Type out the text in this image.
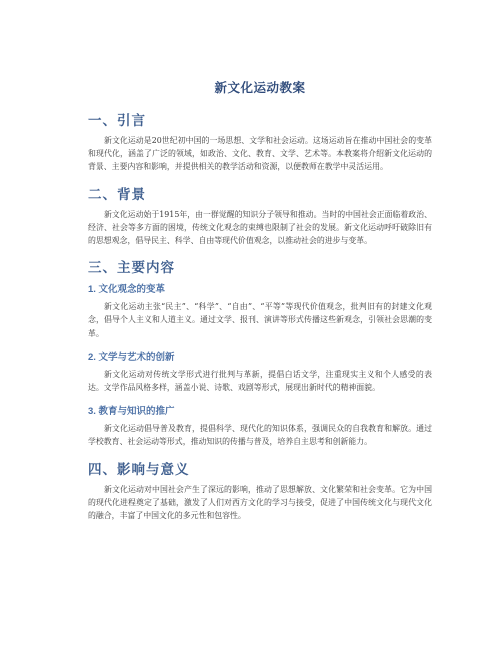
新文化运动教案
一、引言

新文化运动是20世纪初中国的一场思想、文学和社会运动。这场运动旨在推动中国社会的变革和现代化，涵盖了广泛的领域，如政治、文化、教育、文学、艺术等。本教案将介绍新文化运动的背景、主要内容和影响，并提供相关的教学活动和资源，以便教师在教学中灵活运用。

二、背景

新文化运动始于1915年，由一群觉醒的知识分子领导和推动。当时的中国社会正面临着政治、经济、社会等多方面的困境，传统文化观念的束缚也限制了社会的发展。新文化运动呼吁破除旧有的思想观念，倡导民主、科学、自由等现代价值观念，以推动社会的进步与变革。

三、主要内容
1. 文化观念的变革

新文化运动主张“民主”、“科学”、“自由”、“平等”等现代价值观念，批判旧有的封建文化观念，倡导个人主义和人道主义。通过文学、报刊、演讲等形式传播这些新观念，引领社会思潮的变革。

2. 文学与艺术的创新

新文化运动对传统文学形式进行批判与革新，提倡白话文学，注重现实主义和个人感受的表达。文学作品风格多样，涵盖小说、诗歌、戏剧等形式，展现出新时代的精神面貌。

3. 教育与知识的推广

新文化运动倡导普及教育，提倡科学、现代化的知识体系，强调民众的自我教育和解放。通过学校教育、社会运动等形式，推动知识的传播与普及，培养自主思考和创新能力。

四、影响与意义

新文化运动对中国社会产生了深远的影响，推动了思想解放、文化繁荣和社会变革。它为中国的现代化进程奠定了基础，激发了人们对西方文化的学习与接受，促进了中国传统文化与现代文化的融合，丰富了中国文化的多元性和包容性。
